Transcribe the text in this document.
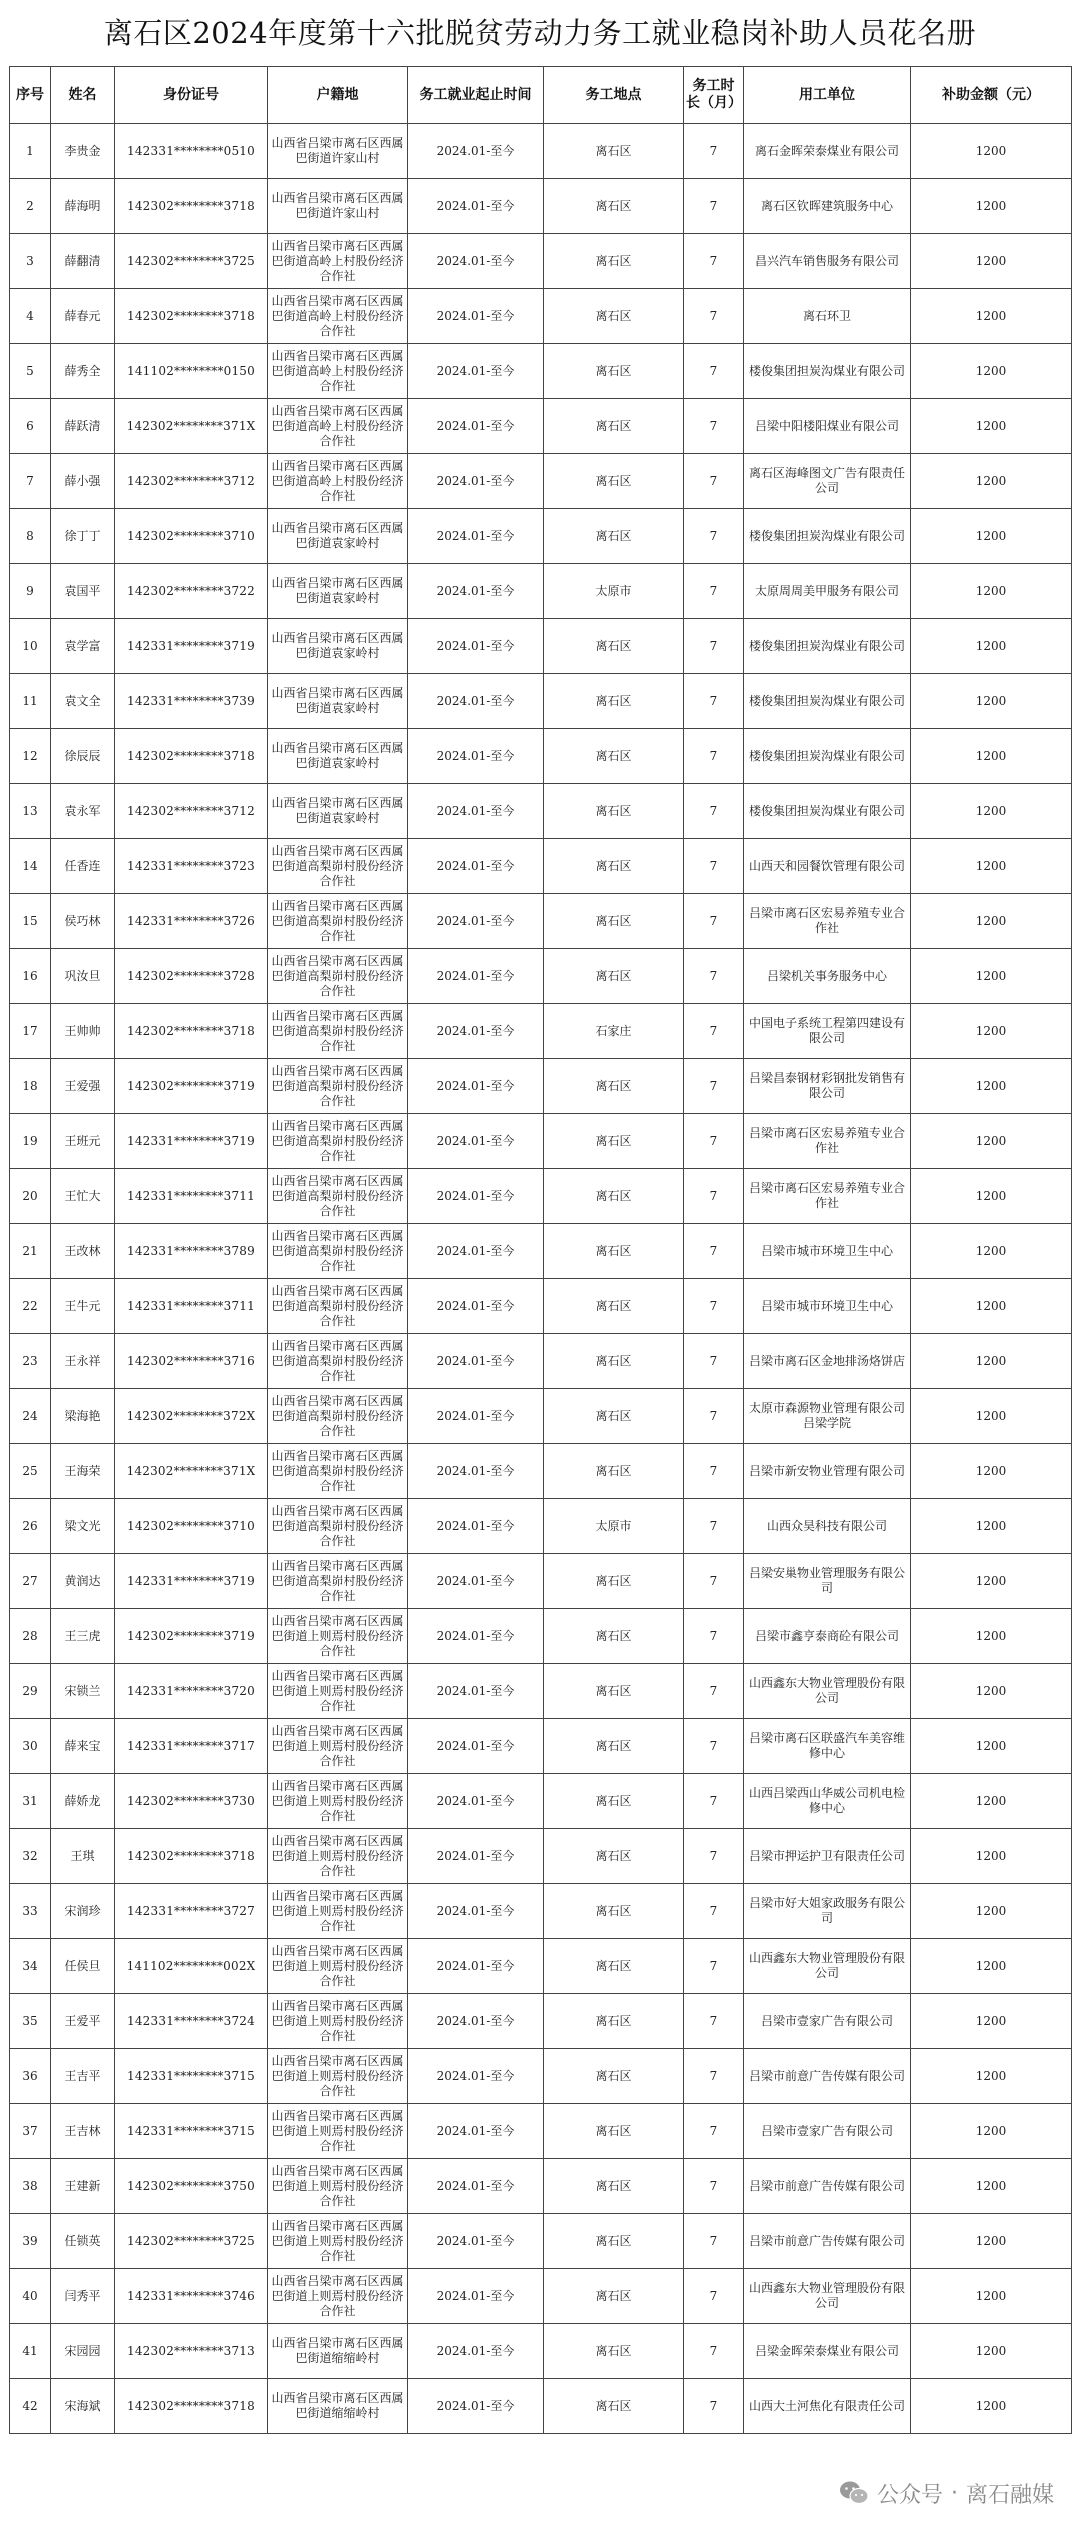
离石区2024年度第十六批脱贫劳动力务工就业稳岗补助人员花名册
序号	姓名	身份证号	户籍地	务工就业起止时间	务工地点	务工时长（月）	用工单位	补助金额（元）
1	李贵金	142331********0510	山西省吕梁市离石区西属巴街道许家山村	2024.01-至今	离石区	7	离石金晖荣泰煤业有限公司	1200
2	薛海明	142302********3718	山西省吕梁市离石区西属巴街道许家山村	2024.01-至今	离石区	7	离石区钦晖建筑服务中心	1200
3	薛翻清	142302********3725	山西省吕梁市离石区西属巴街道高岭上村股份经济合作社	2024.01-至今	离石区	7	昌兴汽车销售服务有限公司	1200
4	薛春元	142302********3718	山西省吕梁市离石区西属巴街道高岭上村股份经济合作社	2024.01-至今	离石区	7	离石环卫	1200
5	薛秀全	141102********0150	山西省吕梁市离石区西属巴街道高岭上村股份经济合作社	2024.01-至今	离石区	7	楼俊集团担炭沟煤业有限公司	1200
6	薛跃清	142302********371X	山西省吕梁市离石区西属巴街道高岭上村股份经济合作社	2024.01-至今	离石区	7	吕梁中阳楼阳煤业有限公司	1200
7	薛小强	142302********3712	山西省吕梁市离石区西属巴街道高岭上村股份经济合作社	2024.01-至今	离石区	7	离石区海峰图文广告有限责任公司	1200
8	徐丁丁	142302********3710	山西省吕梁市离石区西属巴街道袁家岭村	2024.01-至今	离石区	7	楼俊集团担炭沟煤业有限公司	1200
9	袁国平	142302********3722	山西省吕梁市离石区西属巴街道袁家岭村	2024.01-至今	太原市	7	太原周周美甲服务有限公司	1200
10	袁学富	142331********3719	山西省吕梁市离石区西属巴街道袁家岭村	2024.01-至今	离石区	7	楼俊集团担炭沟煤业有限公司	1200
11	袁文全	142331********3739	山西省吕梁市离石区西属巴街道袁家岭村	2024.01-至今	离石区	7	楼俊集团担炭沟煤业有限公司	1200
12	徐辰辰	142302********3718	山西省吕梁市离石区西属巴街道袁家岭村	2024.01-至今	离石区	7	楼俊集团担炭沟煤业有限公司	1200
13	袁永军	142302********3712	山西省吕梁市离石区西属巴街道袁家岭村	2024.01-至今	离石区	7	楼俊集团担炭沟煤业有限公司	1200
14	任香连	142331********3723	山西省吕梁市离石区西属巴街道高梨峁村股份经济合作社	2024.01-至今	离石区	7	山西天和园餐饮管理有限公司	1200
15	侯巧林	142331********3726	山西省吕梁市离石区西属巴街道高梨峁村股份经济合作社	2024.01-至今	离石区	7	吕梁市离石区宏易养殖专业合作社	1200
16	巩汝旦	142302********3728	山西省吕梁市离石区西属巴街道高梨峁村股份经济合作社	2024.01-至今	离石区	7	吕梁机关事务服务中心	1200
17	王帅帅	142302********3718	山西省吕梁市离石区西属巴街道高梨峁村股份经济合作社	2024.01-至今	石家庄	7	中国电子系统工程第四建设有限公司	1200
18	王爱强	142302********3719	山西省吕梁市离石区西属巴街道高梨峁村股份经济合作社	2024.01-至今	离石区	7	吕梁昌泰钢材彩钢批发销售有限公司	1200
19	王班元	142331********3719	山西省吕梁市离石区西属巴街道高梨峁村股份经济合作社	2024.01-至今	离石区	7	吕梁市离石区宏易养殖专业合作社	1200
20	王忙大	142331********3711	山西省吕梁市离石区西属巴街道高梨峁村股份经济合作社	2024.01-至今	离石区	7	吕梁市离石区宏易养殖专业合作社	1200
21	王改林	142331********3789	山西省吕梁市离石区西属巴街道高梨峁村股份经济合作社	2024.01-至今	离石区	7	吕梁市城市环境卫生中心	1200
22	王牛元	142331********3711	山西省吕梁市离石区西属巴街道高梨峁村股份经济合作社	2024.01-至今	离石区	7	吕梁市城市环境卫生中心	1200
23	王永祥	142302********3716	山西省吕梁市离石区西属巴街道高梨峁村股份经济合作社	2024.01-至今	离石区	7	吕梁市离石区金地排汤烙饼店	1200
24	梁海艳	142302********372X	山西省吕梁市离石区西属巴街道高梨峁村股份经济合作社	2024.01-至今	离石区	7	太原市森源物业管理有限公司吕梁学院	1200
25	王海荣	142302********371X	山西省吕梁市离石区西属巴街道高梨峁村股份经济合作社	2024.01-至今	离石区	7	吕梁市新安物业管理有限公司	1200
26	梁文光	142302********3710	山西省吕梁市离石区西属巴街道高梨峁村股份经济合作社	2024.01-至今	太原市	7	山西众昊科技有限公司	1200
27	黄润达	142331********3719	山西省吕梁市离石区西属巴街道高梨峁村股份经济合作社	2024.01-至今	离石区	7	吕梁安巢物业管理服务有限公司	1200
28	王三虎	142302********3719	山西省吕梁市离石区西属巴街道上则焉村股份经济合作社	2024.01-至今	离石区	7	吕梁市鑫亨泰商砼有限公司	1200
29	宋锁兰	142331********3720	山西省吕梁市离石区西属巴街道上则焉村股份经济合作社	2024.01-至今	离石区	7	山西鑫东大物业管理股份有限公司	1200
30	薛来宝	142331********3717	山西省吕梁市离石区西属巴街道上则焉村股份经济合作社	2024.01-至今	离石区	7	吕梁市离石区联盛汽车美容维修中心	1200
31	薛娇龙	142302********3730	山西省吕梁市离石区西属巴街道上则焉村股份经济合作社	2024.01-至今	离石区	7	山西吕梁西山华威公司机电检修中心	1200
32	王琪	142302********3718	山西省吕梁市离石区西属巴街道上则焉村股份经济合作社	2024.01-至今	离石区	7	吕梁市押运护卫有限责任公司	1200
33	宋润珍	142331********3727	山西省吕梁市离石区西属巴街道上则焉村股份经济合作社	2024.01-至今	离石区	7	吕梁市好大姐家政服务有限公司	1200
34	任侯旦	141102********002X	山西省吕梁市离石区西属巴街道上则焉村股份经济合作社	2024.01-至今	离石区	7	山西鑫东大物业管理股份有限公司	1200
35	王爱平	142331********3724	山西省吕梁市离石区西属巴街道上则焉村股份经济合作社	2024.01-至今	离石区	7	吕梁市壹家广告有限公司	1200
36	王吉平	142331********3715	山西省吕梁市离石区西属巴街道上则焉村股份经济合作社	2024.01-至今	离石区	7	吕梁市前意广告传媒有限公司	1200
37	王吉林	142331********3715	山西省吕梁市离石区西属巴街道上则焉村股份经济合作社	2024.01-至今	离石区	7	吕梁市壹家广告有限公司	1200
38	王建新	142302********3750	山西省吕梁市离石区西属巴街道上则焉村股份经济合作社	2024.01-至今	离石区	7	吕梁市前意广告传媒有限公司	1200
39	任锁英	142302********3725	山西省吕梁市离石区西属巴街道上则焉村股份经济合作社	2024.01-至今	离石区	7	吕梁市前意广告传媒有限公司	1200
40	闫秀平	142331********3746	山西省吕梁市离石区西属巴街道上则焉村股份经济合作社	2024.01-至今	离石区	7	山西鑫东大物业管理股份有限公司	1200
41	宋园园	142302********3713	山西省吕梁市离石区西属巴街道缩缩岭村	2024.01-至今	离石区	7	吕梁金晖荣泰煤业有限公司	1200
42	宋海斌	142302********3718	山西省吕梁市离石区西属巴街道缩缩岭村	2024.01-至今	离石区	7	山西大土河焦化有限责任公司	1200
公众号 · 离石融媒
